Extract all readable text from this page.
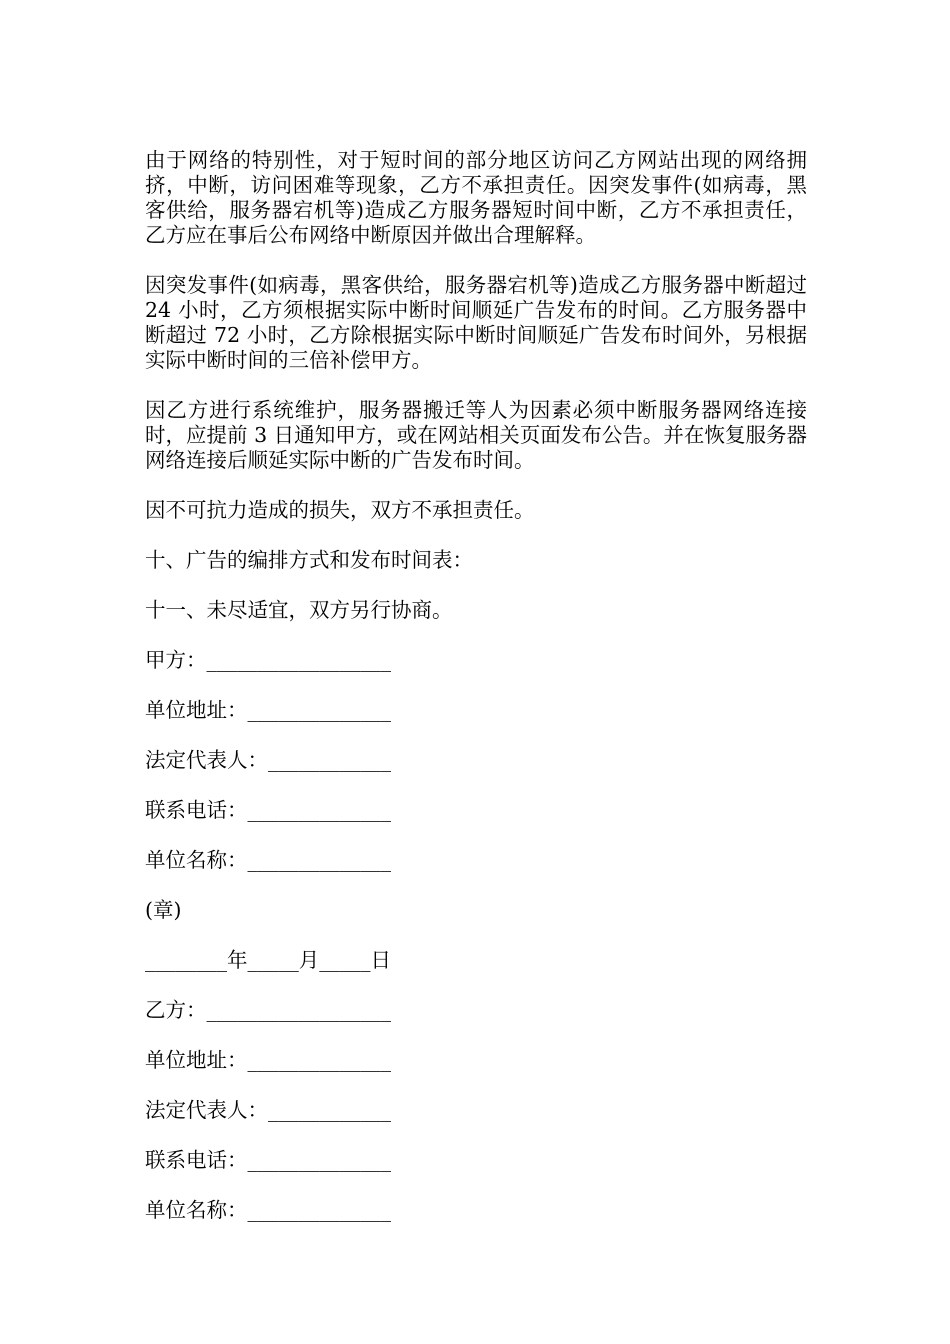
由于网络的特别性，对于短时间的部分地区访问乙方网站出现的网络拥挤，中断，访问困难等现象，乙方不承担责任。因突发事件(如病毒，黑客供给，服务器宕机等)造成乙方服务器短时间中断，乙方不承担责任，乙方应在事后公布网络中断原因并做出合理解释。

因突发事件(如病毒，黑客供给，服务器宕机等)造成乙方服务器中断超过 24 小时，乙方须根据实际中断时间顺延广告发布的时间。乙方服务器中断超过 72 小时，乙方除根据实际中断时间顺延广告发布时间外，另根据实际中断时间的三倍补偿甲方。

因乙方进行系统维护，服务器搬迁等人为因素必须中断服务器网络连接时，应提前 3 日通知甲方，或在网站相关页面发布公告。并在恢复服务器网络连接后顺延实际中断的广告发布时间。

因不可抗力造成的损失，双方不承担责任。

十、广告的编排方式和发布时间表：

十一、未尽适宜，双方另行协商。

甲方：__________________

单位地址：______________

法定代表人：____________

联系电话：______________

单位名称：______________

(章)

________年_____月_____日

乙方：__________________

单位地址：______________

法定代表人：____________

联系电话：______________

单位名称：______________
